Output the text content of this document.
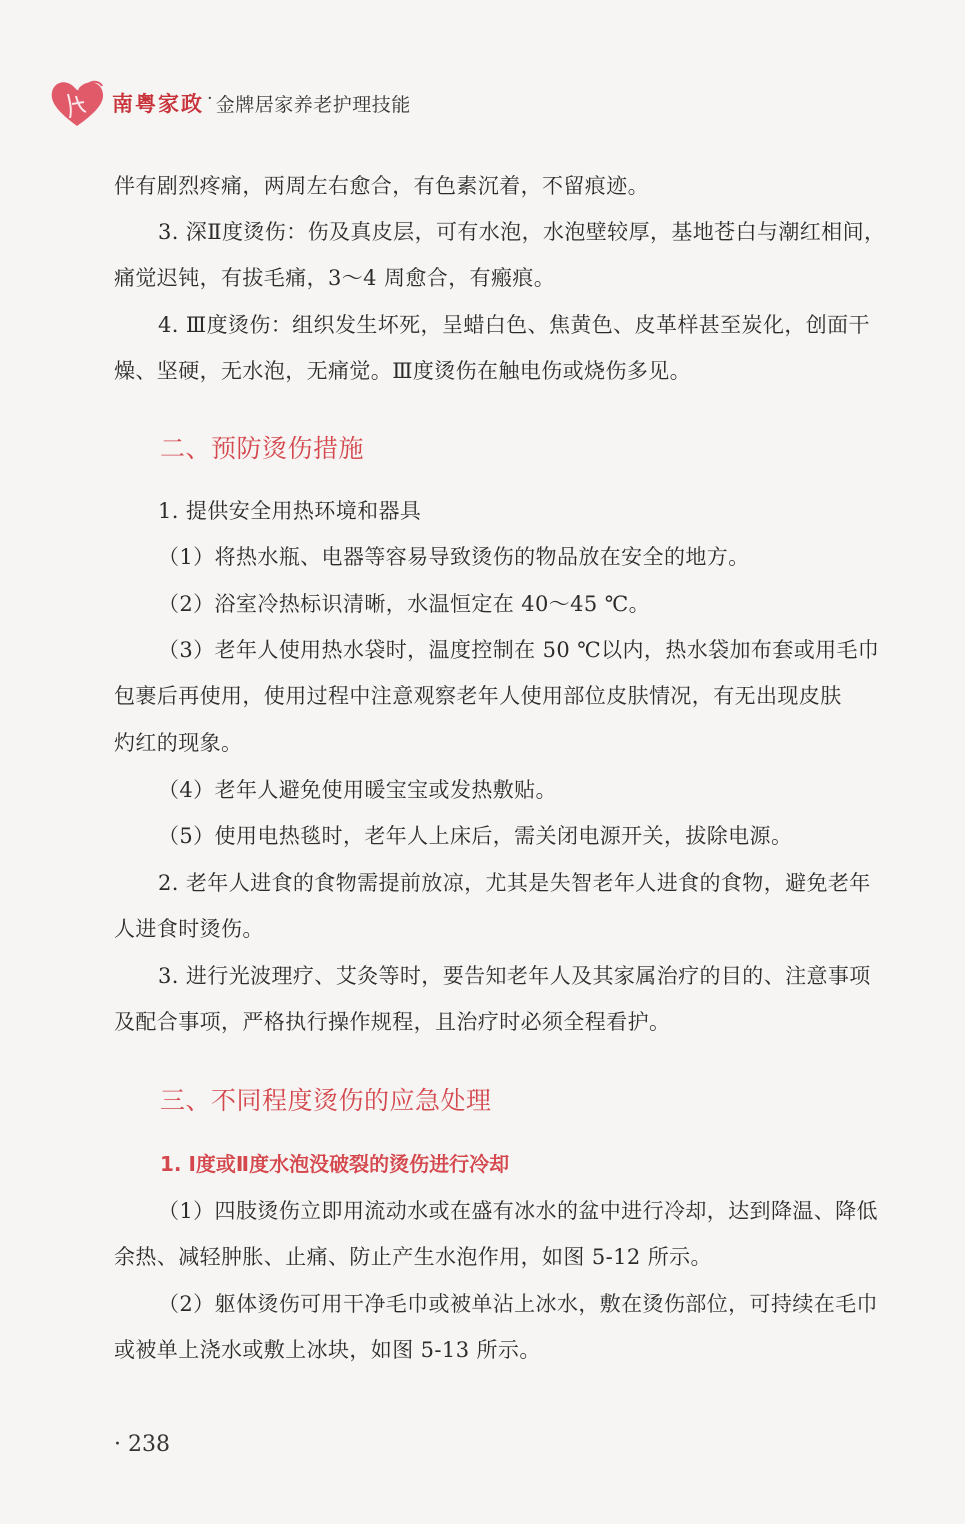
南粤家政 · 金牌居家养老护理技能
伴有剧烈疼痛，两周左右愈合，有色素沉着，不留痕迹。
3. 深Ⅱ度烫伤：伤及真皮层，可有水泡，水泡壁较厚，基地苍白与潮红相间，
痛觉迟钝，有拔毛痛，3～4 周愈合，有瘢痕。
4. Ⅲ度烫伤：组织发生坏死，呈蜡白色、焦黄色、皮革样甚至炭化，创面干
燥、坚硬，无水泡，无痛觉。Ⅲ度烫伤在触电伤或烧伤多见。
二、预防烫伤措施
1. 提供安全用热环境和器具
（1）将热水瓶、电器等容易导致烫伤的物品放在安全的地方。
（2）浴室冷热标识清晰，水温恒定在 40～45 ℃。
（3）老年人使用热水袋时，温度控制在 50 ℃以内，热水袋加布套或用毛巾
包裹后再使用，使用过程中注意观察老年人使用部位皮肤情况，有无出现皮肤
灼红的现象。
（4）老年人避免使用暖宝宝或发热敷贴。
（5）使用电热毯时，老年人上床后，需关闭电源开关，拔除电源。
2. 老年人进食的食物需提前放凉，尤其是失智老年人进食的食物，避免老年
人进食时烫伤。
3. 进行光波理疗、艾灸等时，要告知老年人及其家属治疗的目的、注意事项
及配合事项，严格执行操作规程，且治疗时必须全程看护。
三、不同程度烫伤的应急处理
1. Ⅰ度或Ⅱ度水泡没破裂的烫伤进行冷却
（1）四肢烫伤立即用流动水或在盛有冰水的盆中进行冷却，达到降温、降低
余热、减轻肿胀、止痛、防止产生水泡作用，如图 5-12 所示。
（2）躯体烫伤可用干净毛巾或被单沾上冰水，敷在烫伤部位，可持续在毛巾
或被单上浇水或敷上冰块，如图 5-13 所示。
· 238
